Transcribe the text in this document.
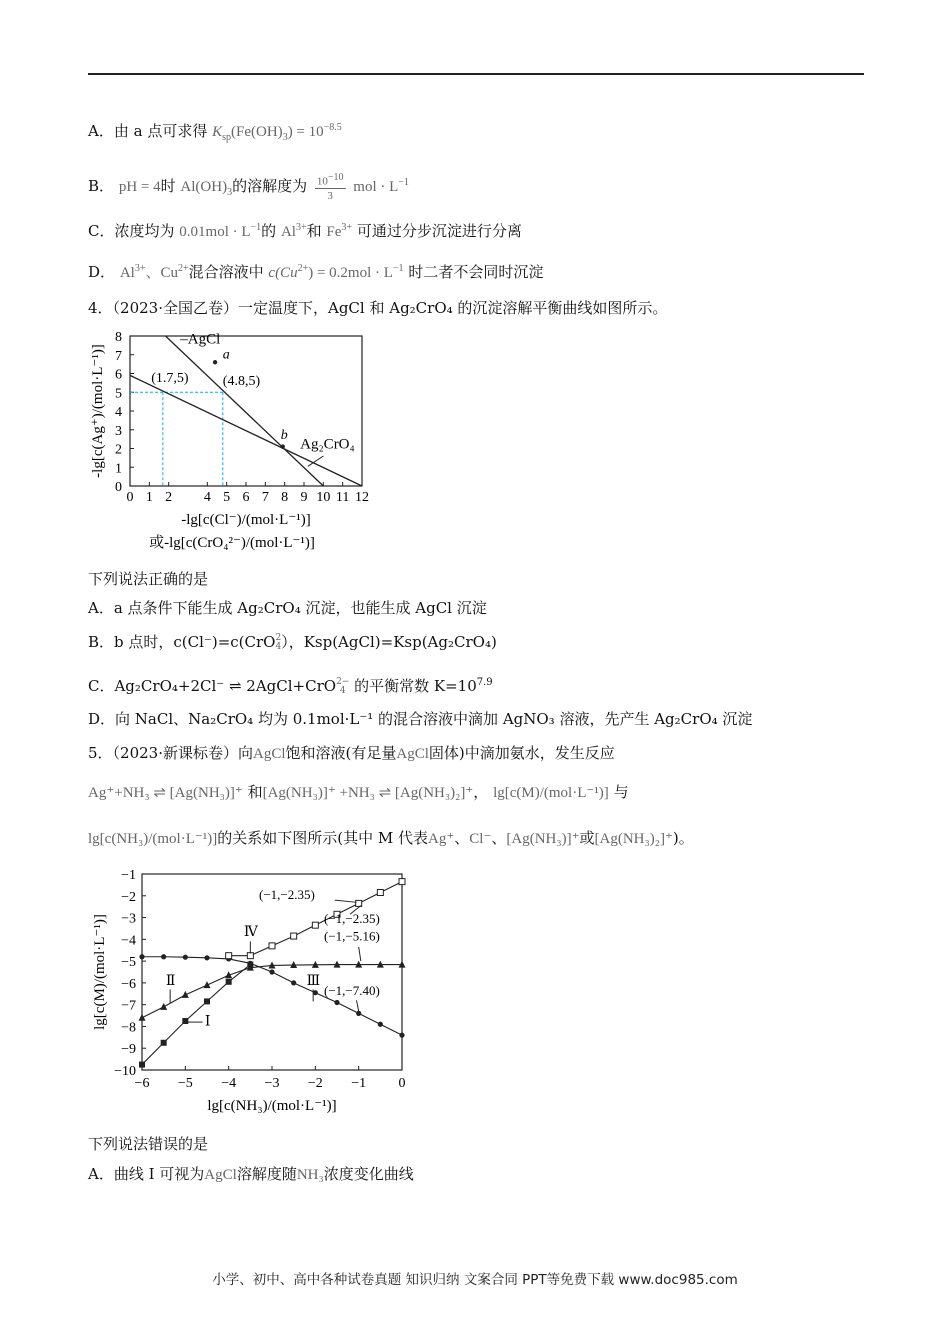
A．由 a 点可求得 $K_{sp}(Fe(OH)_3) = 10^{-8.5}$
B． pH = 4时 $Al(OH)_3$的溶解度为 $\frac{10^{-10}}{3}$ mol · $L^{-1}$
C．浓度均为 $0.01mol \cdot L^{-1}$的 $Al^{3+}$和 $Fe^{3+}$ 可通过分步沉淀进行分离
D． $Al^{3+}$、$Cu^{2+}$混合溶液中 $c(Cu^{2+}) = 0.2mol \cdot L^{-1}$ 时二者不会同时沉淀
4．（2023·全国乙卷）一定温度下，AgCl 和 Ag₂CrO₄ 的沉淀溶解平衡曲线如图所示。
0 1 2 4 5 6 7 8 9 10 11 12
0
1
2
3
4
5
6
7
8	–AgCl
Ag₂CrO₄
(1.7,5) (4.8,5)
a
b
-lg[c(Cl⁻)/(mol·L⁻¹)]
或-lg[c(CrO₄²⁻)/(mol·L⁻¹)]
-lg[c(Ag⁺)/(mol·L⁻¹)]
下列说法正确的是
A．a 点条件下能生成 Ag₂CrO₄ 沉淀，也能生成 AgCl 沉淀
B．b 点时，c(Cl⁻)=c(CrO2
4），Ksp(AgCl)=Ksp(Ag₂CrO₄)
C．Ag₂CrO₄+2Cl⁻ ⇌ 2AgCl+CrO2−
4 的平衡常数 $K=10^{7.9}$
D．向 NaCl、Na₂CrO₄ 均为 0.1mol·L⁻¹ 的混合溶液中滴加 AgNO₃ 溶液，先产生 Ag₂CrO₄ 沉淀
5．（2023·新课标卷）向AgCl饱和溶液(有足量AgCl固体)中滴加氨水，发生反应
Ag⁺+NH₃ ⇌ [Ag(NH₃)]⁺ 和[Ag(NH₃)]⁺ +NH₃ ⇌ [Ag(NH₃)₂]⁺， lg[c(M)/(mol·L⁻¹)] 与
lg[c(NH₃)/(mol·L⁻¹)]的关系如下图所示(其中 M 代表Ag⁺、Cl⁻、[Ag(NH₃)]⁺或[Ag(NH₃)₂]⁺)。
−6 −5 −4 −3 −2 −1 0
−1
−2
−3
−4
−5
−6
−7
−8
−9
−10
(−1,−2.35)
(−1,−2.35)
(−1,−5.16)
(−1,−7.40)
Ⅰ
Ⅱ	Ⅲ
Ⅳ
lg[c(NH₃)/(mol·L⁻¹)]
lg[c(M)/(mol·L⁻¹)]
下列说法错误的是
A．曲线 I 可视为AgCl溶解度随NH₃浓度变化曲线
小学、初中、高中各种试卷真题 知识归纳 文案合同 PPT等免费下载 www.doc985.com
